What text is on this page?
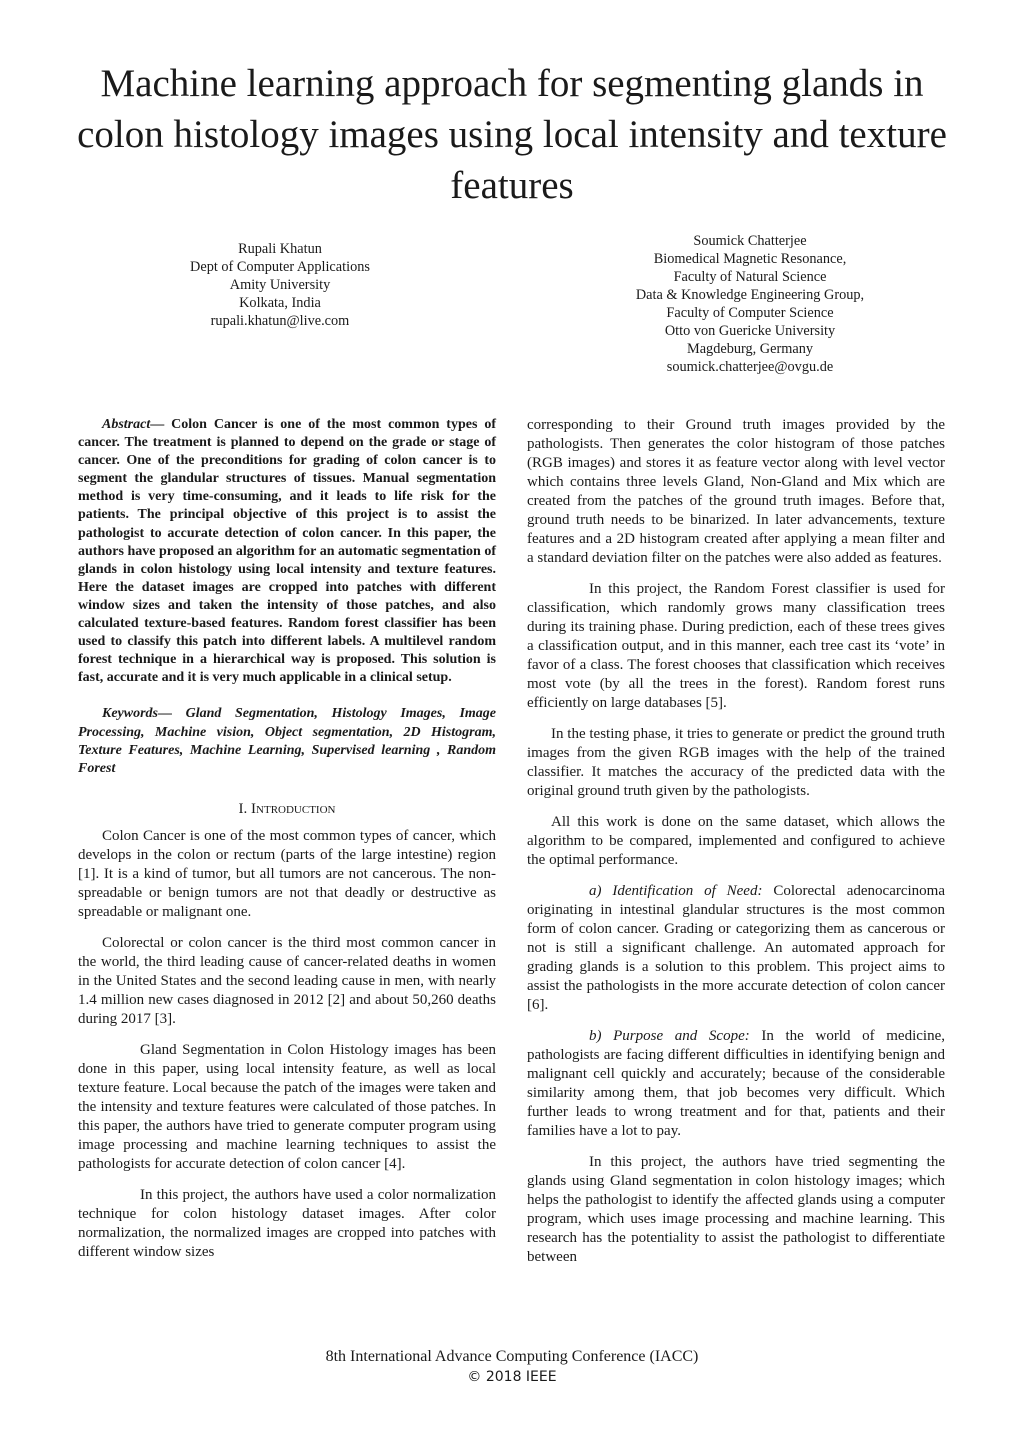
Machine learning approach for segmenting glands in colon histology images using local intensity and texture features
Rupali Khatun
Dept of Computer Applications
Amity University
Kolkata, India
rupali.khatun@live.com
Soumick Chatterjee
Biomedical Magnetic Resonance,
Faculty of Natural Science
Data & Knowledge Engineering Group,
Faculty of Computer Science
Otto von Guericke University
Magdeburg, Germany
soumick.chatterjee@ovgu.de

Abstract— Colon Cancer is one of the most common types of cancer. The treatment is planned to depend on the grade or stage of cancer. One of the preconditions for grading of colon cancer is to segment the glandular structures of tissues. Manual segmentation method is very time-consuming, and it leads to life risk for the patients. The principal objective of this project is to assist the pathologist to accurate detection of colon cancer. In this paper, the authors have proposed an algorithm for an automatic segmentation of glands in colon histology using local intensity and texture features. Here the dataset images are cropped into patches with different window sizes and taken the intensity of those patches, and also calculated texture-based features. Random forest classifier has been used to classify this patch into different labels. A multilevel random forest technique in a hierarchical way is proposed. This solution is fast, accurate and it is very much applicable in a clinical setup.

Keywords— Gland Segmentation, Histology Images, Image Processing, Machine vision, Object segmentation, 2D Histogram, Texture Features, Machine Learning, Supervised learning , Random Forest

I. Introduction

Colon Cancer is one of the most common types of cancer, which develops in the colon or rectum (parts of the large intestine) region [1]. It is a kind of tumor, but all tumors are not cancerous. The non-spreadable or benign tumors are not that deadly or destructive as spreadable or malignant one.

Colorectal or colon cancer is the third most common cancer in the world, the third leading cause of cancer-related deaths in women in the United States and the second leading cause in men, with nearly 1.4 million new cases diagnosed in 2012 [2] and about 50,260 deaths during 2017 [3].

Gland Segmentation in Colon Histology images has been done in this paper, using local intensity feature, as well as local texture feature. Local because the patch of the images were taken and the intensity and texture features were calculated of those patches. In this paper, the authors have tried to generate computer program using image processing and machine learning techniques to assist the pathologists for accurate detection of colon cancer [4].

In this project, the authors have used a color normalization technique for colon histology dataset images. After color normalization, the normalized images are cropped into patches with different window sizes

corresponding to their Ground truth images provided by the pathologists. Then generates the color histogram of those patches (RGB images) and stores it as feature vector along with level vector which contains three levels Gland, Non-Gland and Mix which are created from the patches of the ground truth images. Before that, ground truth needs to be binarized. In later advancements, texture features and a 2D histogram created after applying a mean filter and a standard deviation filter on the patches were also added as features.

In this project, the Random Forest classifier is used for classification, which randomly grows many classification trees during its training phase. During prediction, each of these trees gives a classification output, and in this manner, each tree cast its ‘vote’ in favor of a class. The forest chooses that classification which receives most vote (by all the trees in the forest). Random forest runs efficiently on large databases [5].

In the testing phase, it tries to generate or predict the ground truth images from the given RGB images with the help of the trained classifier. It matches the accuracy of the predicted data with the original ground truth given by the pathologists.

All this work is done on the same dataset, which allows the algorithm to be compared, implemented and configured to achieve the optimal performance.

a) Identification of Need: Colorectal adenocarcinoma originating in intestinal glandular structures is the most common form of colon cancer. Grading or categorizing them as cancerous or not is still a significant challenge. An automated approach for grading glands is a solution to this problem. This project aims to assist the pathologists in the more accurate detection of colon cancer [6].

b) Purpose and Scope: In the world of medicine, pathologists are facing different difficulties in identifying benign and malignant cell quickly and accurately; because of the considerable similarity among them, that job becomes very difficult. Which further leads to wrong treatment and for that, patients and their families have a lot to pay.

In this project, the authors have tried segmenting the glands using Gland segmentation in colon histology images; which helps the pathologist to identify the affected glands using a computer program, which uses image processing and machine learning. This research has the potentiality to assist the pathologist to differentiate between

8th International Advance Computing Conference (IACC)
© 2018 IEEE
